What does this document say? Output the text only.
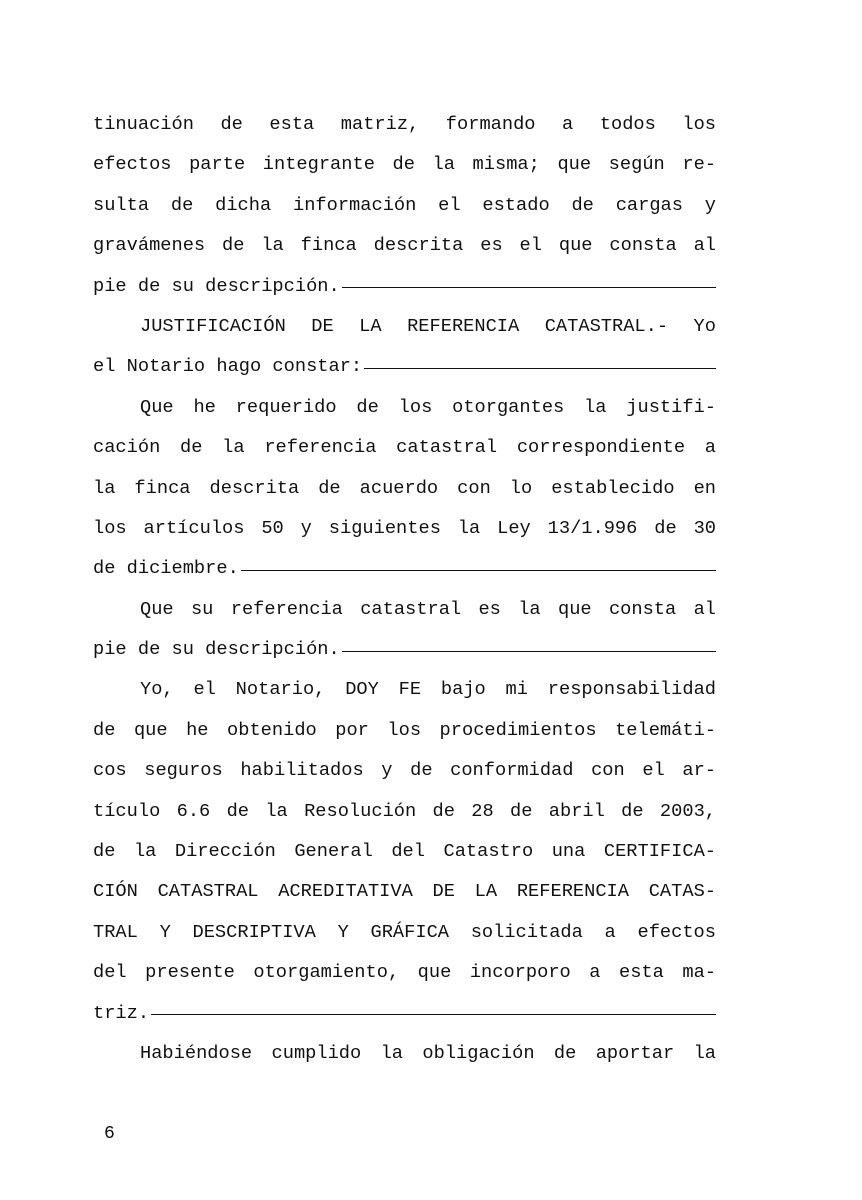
tinuación de esta matriz, formando a todos los
efectos parte integrante de la misma; que según re-
sulta de dicha información el estado de cargas y
gravámenes de la finca descrita es el que consta al
pie de su descripción.
JUSTIFICACIÓN DE LA REFERENCIA CATASTRAL.- Yo
el Notario hago constar:
Que he requerido de los otorgantes la justifi-
cación de la referencia catastral correspondiente a
la finca descrita de acuerdo con lo establecido en
los artículos 50 y siguientes la Ley 13/1.996 de 30
de diciembre.
Que su referencia catastral es la que consta al
pie de su descripción.
Yo, el Notario, DOY FE bajo mi responsabilidad
de que he obtenido por los procedimientos telemáti-
cos seguros habilitados y de conformidad con el ar-
tículo 6.6 de la Resolución de 28 de abril de 2003,
de la Dirección General del Catastro una CERTIFICA-
CIÓN CATASTRAL ACREDITATIVA DE LA REFERENCIA CATAS-
TRAL Y DESCRIPTIVA Y GRÁFICA solicitada a efectos
del presente otorgamiento, que incorporo a esta ma-
triz.
Habiéndose cumplido la obligación de aportar la
6
